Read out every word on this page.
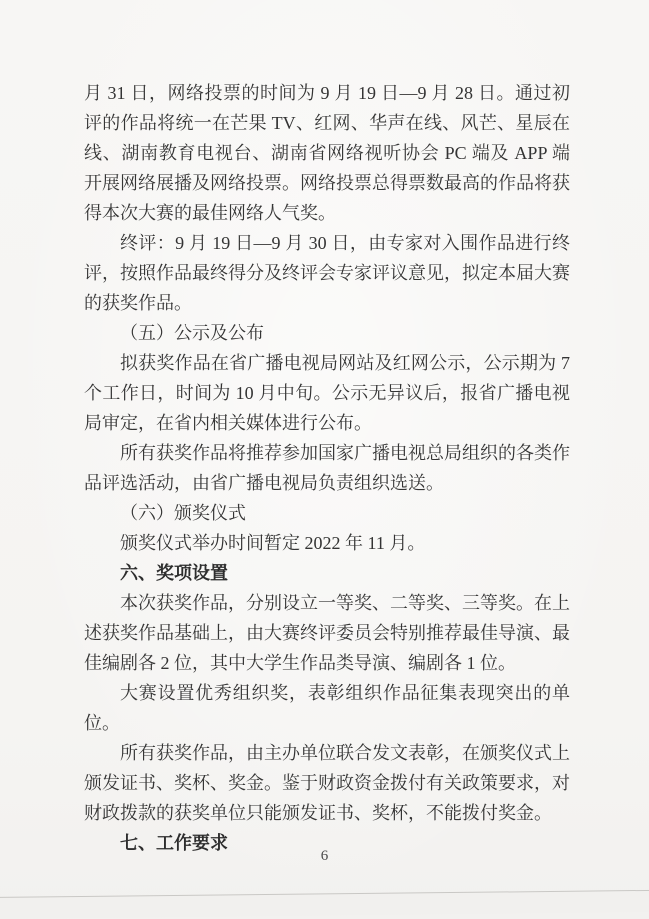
月 31 日，网络投票的时间为 9 月 19 日—9 月 28 日。通过初评的作品将统一在芒果 TV、红网、华声在线、风芒、星辰在线、湖南教育电视台、湖南省网络视听协会 PC 端及 APP 端开展网络展播及网络投票。网络投票总得票数最高的作品将获得本次大赛的最佳网络人气奖。

终评：9 月 19 日—9 月 30 日，由专家对入围作品进行终评，按照作品最终得分及终评会专家评议意见，拟定本届大赛的获奖作品。

（五）公示及公布

拟获奖作品在省广播电视局网站及红网公示，公示期为 7 个工作日，时间为 10 月中旬。公示无异议后，报省广播电视局审定，在省内相关媒体进行公布。

所有获奖作品将推荐参加国家广播电视总局组织的各类作品评选活动，由省广播电视局负责组织选送。

（六）颁奖仪式

颁奖仪式举办时间暂定 2022 年 11 月。

六、奖项设置

本次获奖作品，分别设立一等奖、二等奖、三等奖。在上述获奖作品基础上，由大赛终评委员会特别推荐最佳导演、最佳编剧各 2 位，其中大学生作品类导演、编剧各 1 位。

大赛设置优秀组织奖，表彰组织作品征集表现突出的单位。

所有获奖作品，由主办单位联合发文表彰，在颁奖仪式上颁发证书、奖杯、奖金。鉴于财政资金拨付有关政策要求，对财政拨款的获奖单位只能颁发证书、奖杯，不能拨付奖金。

七、工作要求

6
